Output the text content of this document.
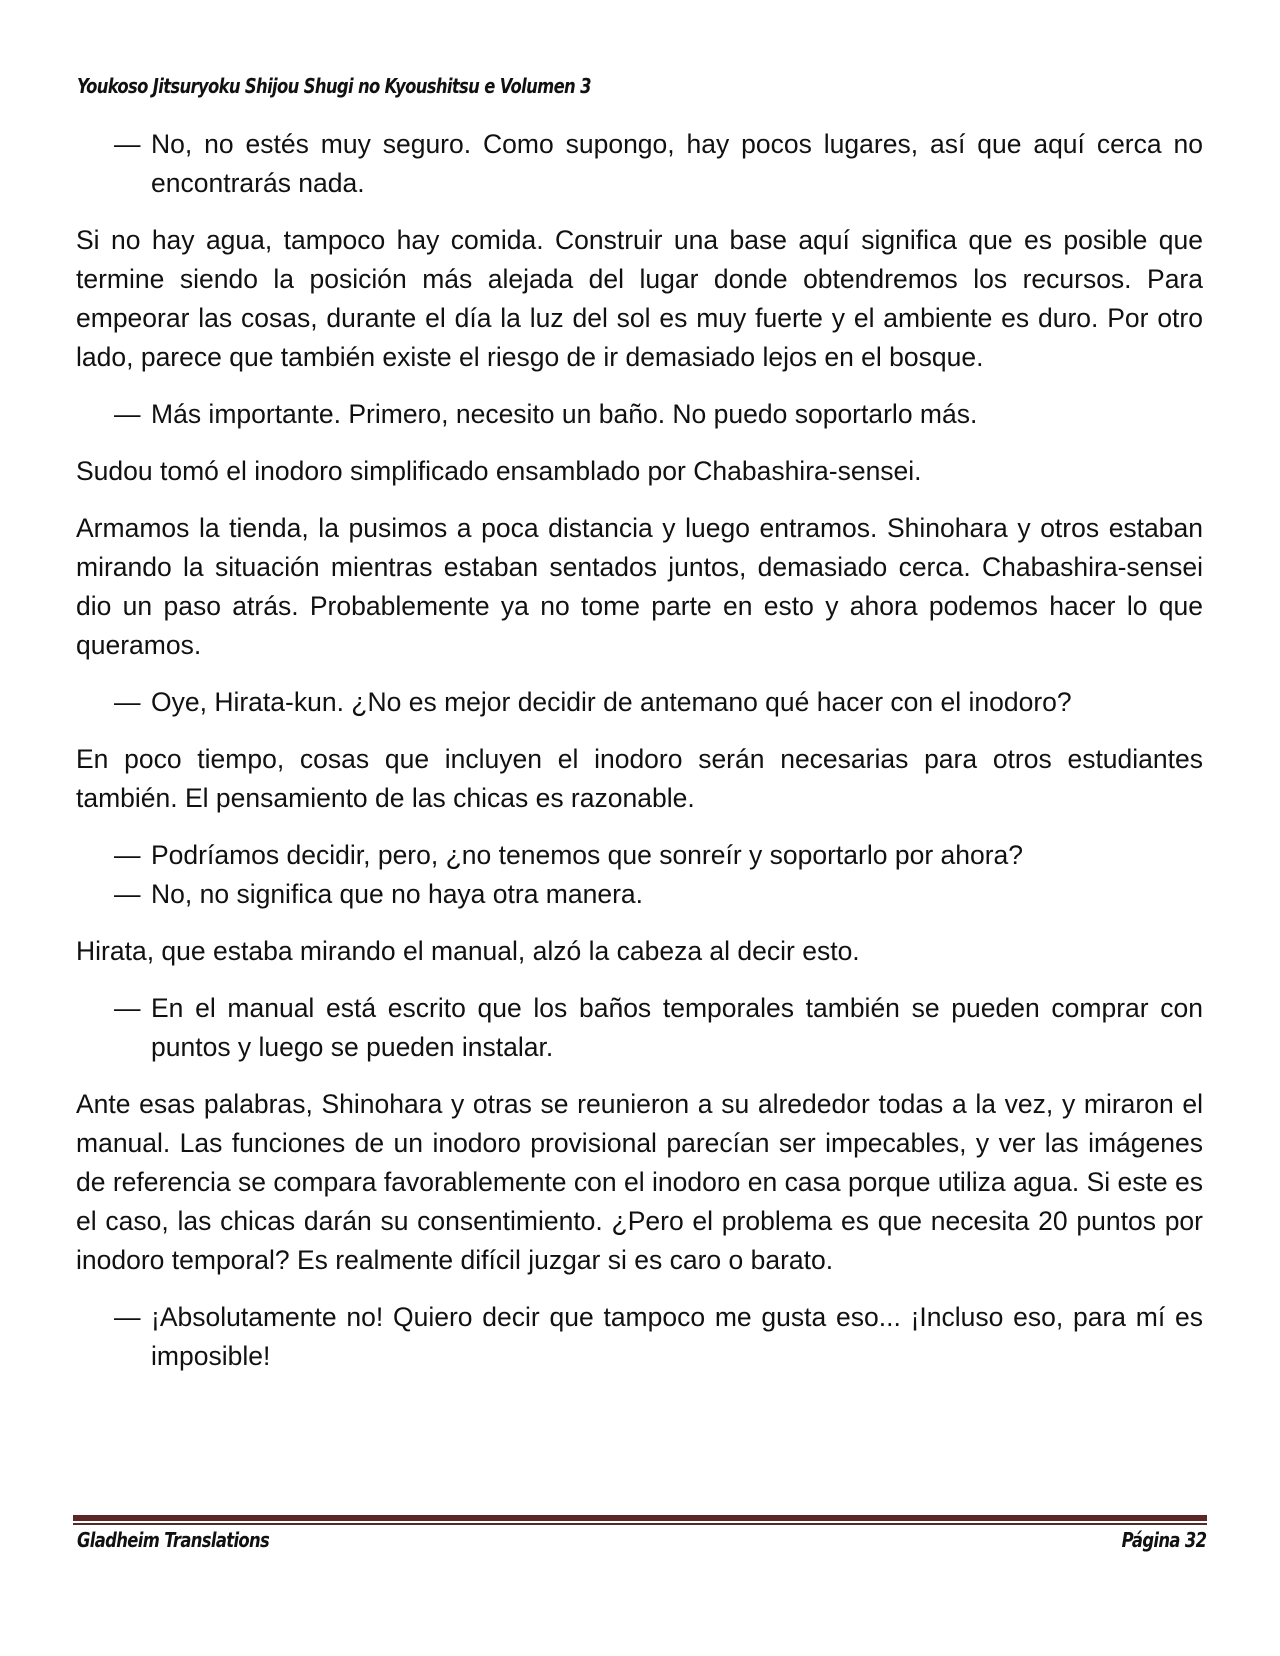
Youkoso Jitsuryoku Shijou Shugi no Kyoushitsu e Volumen 3
— No, no estés muy seguro. Como supongo, hay pocos lugares, así que aquí cerca no encontrarás nada.

Si no hay agua, tampoco hay comida. Construir una base aquí significa que es posible que termine siendo la posición más alejada del lugar donde obtendremos los recursos. Para empeorar las cosas, durante el día la luz del sol es muy fuerte y el ambiente es duro. Por otro lado, parece que también existe el riesgo de ir demasiado lejos en el bosque.

— Más importante. Primero, necesito un baño. No puedo soportarlo más.

Sudou tomó el inodoro simplificado ensamblado por Chabashira-sensei.

Armamos la tienda, la pusimos a poca distancia y luego entramos. Shinohara y otros estaban mirando la situación mientras estaban sentados juntos, demasiado cerca. Chabashira-sensei dio un paso atrás. Probablemente ya no tome parte en esto y ahora podemos hacer lo que queramos.

— Oye, Hirata-kun. ¿No es mejor decidir de antemano qué hacer con el inodoro?

En poco tiempo, cosas que incluyen el inodoro serán necesarias para otros estudiantes también. El pensamiento de las chicas es razonable.

— Podríamos decidir, pero, ¿no tenemos que sonreír y soportarlo por ahora?
— No, no significa que no haya otra manera.

Hirata, que estaba mirando el manual, alzó la cabeza al decir esto.

— En el manual está escrito que los baños temporales también se pueden comprar con puntos y luego se pueden instalar.

Ante esas palabras, Shinohara y otras se reunieron a su alrededor todas a la vez, y miraron el manual. Las funciones de un inodoro provisional parecían ser impecables, y ver las imágenes de referencia se compara favorablemente con el inodoro en casa porque utiliza agua. Si este es el caso, las chicas darán su consentimiento. ¿Pero el problema es que necesita 20 puntos por inodoro temporal? Es realmente difícil juzgar si es caro o barato.

— ¡Absolutamente no! Quiero decir que tampoco me gusta eso... ¡Incluso eso, para mí es imposible!
Gladheim Translations	Página 32
